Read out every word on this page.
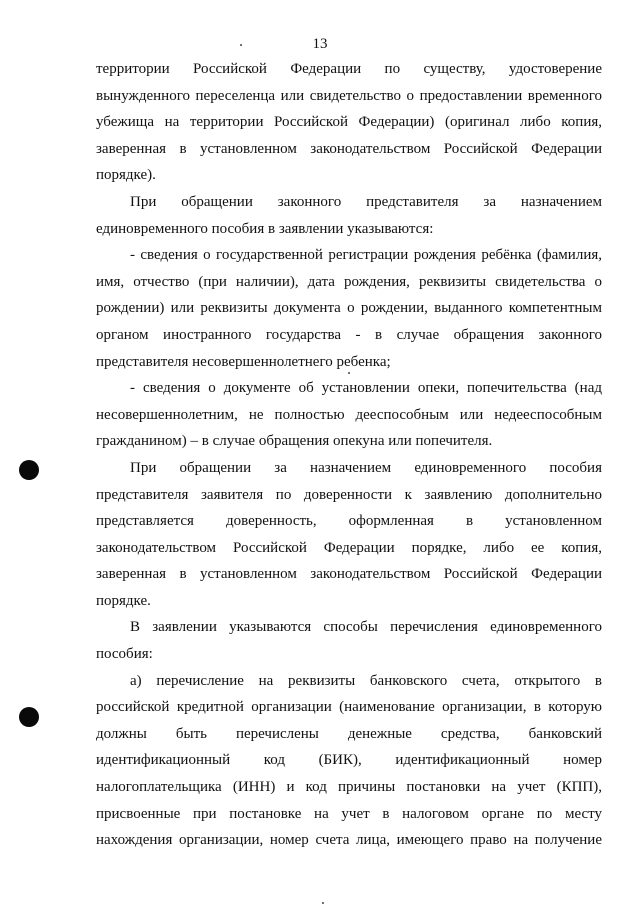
13
территории Российской Федерации по существу, удостоверение
вынужденного переселенца или свидетельство о предоставлении временного
убежища на территории Российской Федерации) (оригинал либо копия,
заверенная в установленном законодательством Российской Федерации
порядке).
При обращении законного представителя за назначением
единовременного пособия в заявлении указываются:
- сведения о государственной регистрации рождения ребёнка (фамилия,
имя, отчество (при наличии), дата рождения, реквизиты свидетельства о
рождении) или реквизиты документа о рождении, выданного компетентным
органом иностранного государства - в случае обращения законного
представителя несовершеннолетнего ребенка;
- сведения о документе об установлении опеки, попечительства (над
несовершеннолетним, не полностью дееспособным или недееспособным
гражданином) – в случае обращения опекуна или попечителя.
При обращении за назначением единовременного пособия
представителя заявителя по доверенности к заявлению дополнительно
представляется доверенность, оформленная в установленном
законодательством Российской Федерации порядке, либо ее копия,
заверенная в установленном законодательством Российской Федерации
порядке.
В заявлении указываются способы перечисления единовременного
пособия:
а) перечисление на реквизиты банковского счета, открытого в
российской кредитной организации (наименование организации, в которую
должны быть перечислены денежные средства, банковский
идентификационный код (БИК), идентификационный номер
налогоплательщика (ИНН) и код причины постановки на учет (КПП),
присвоенные при постановке на учет в налоговом органе по месту
нахождения организации, номер счета лица, имеющего право на получение
